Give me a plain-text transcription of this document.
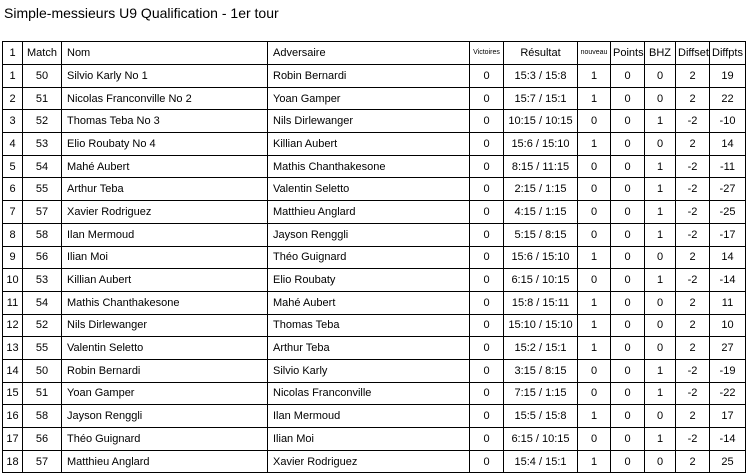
Simple-messieurs U9 Qualification - 1er tour
1	Match	Nom	Adversaire	Victoires	Résultat	nouveau	Points	BHZ	Diffset	Diffpts
1	50	Silvio Karly No 1	Robin Bernardi	0	15:3 / 15:8	1	0	0	2	19
2	51	Nicolas Franconville No 2	Yoan Gamper	0	15:7 / 15:1	1	0	0	2	22
3	52	Thomas Teba No 3	Nils Dirlewanger	0	10:15 / 10:15	0	0	1	-2	-10
4	53	Elio Roubaty No 4	Killian Aubert	0	15:6 / 15:10	1	0	0	2	14
5	54	Mahé Aubert	Mathis Chanthakesone	0	8:15 / 11:15	0	0	1	-2	-11
6	55	Arthur Teba	Valentin Seletto	0	2:15 / 1:15	0	0	1	-2	-27
7	57	Xavier Rodriguez	Matthieu Anglard	0	4:15 / 1:15	0	0	1	-2	-25
8	58	Ilan Mermoud	Jayson Renggli	0	5:15 / 8:15	0	0	1	-2	-17
9	56	Ilian Moi	Théo Guignard	0	15:6 / 15:10	1	0	0	2	14
10	53	Killian Aubert	Elio Roubaty	0	6:15 / 10:15	0	0	1	-2	-14
11	54	Mathis Chanthakesone	Mahé Aubert	0	15:8 / 15:11	1	0	0	2	11
12	52	Nils Dirlewanger	Thomas Teba	0	15:10 / 15:10	1	0	0	2	10
13	55	Valentin Seletto	Arthur Teba	0	15:2 / 15:1	1	0	0	2	27
14	50	Robin Bernardi	Silvio Karly	0	3:15 / 8:15	0	0	1	-2	-19
15	51	Yoan Gamper	Nicolas Franconville	0	7:15 / 1:15	0	0	1	-2	-22
16	58	Jayson Renggli	Ilan Mermoud	0	15:5 / 15:8	1	0	0	2	17
17	56	Théo Guignard	Ilian Moi	0	6:15 / 10:15	0	0	1	-2	-14
18	57	Matthieu Anglard	Xavier Rodriguez	0	15:4 / 15:1	1	0	0	2	25
